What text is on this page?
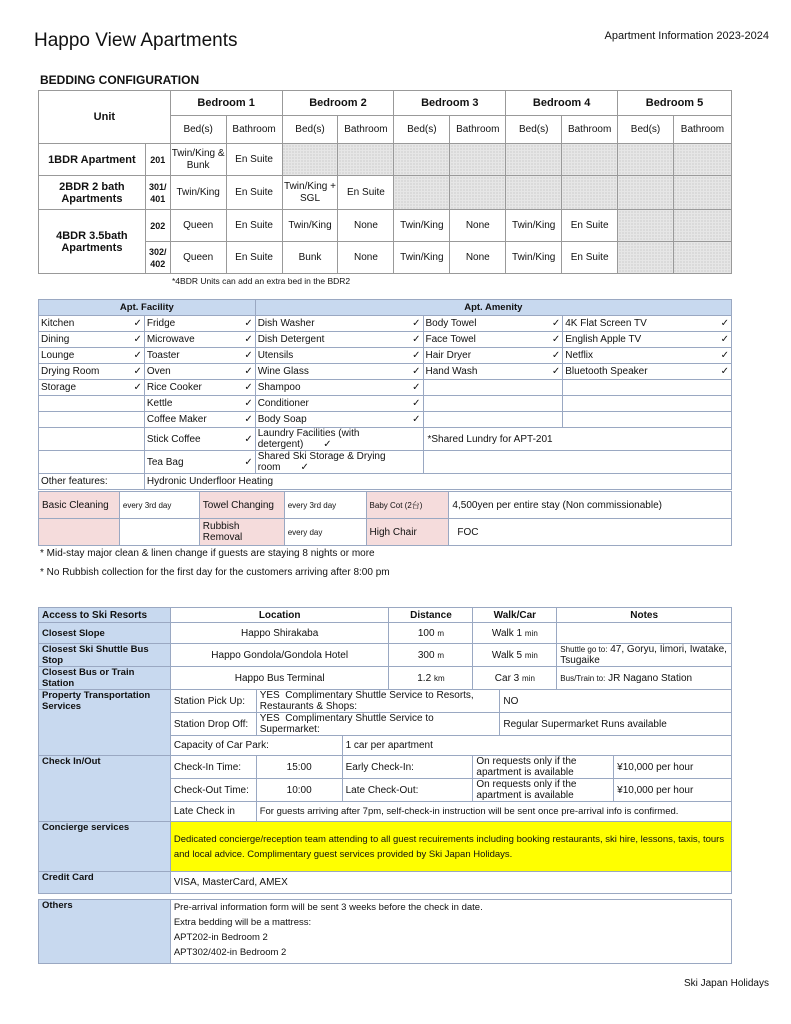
Happo View Apartments	Apartment Information 2023-2024
BEDDING CONFIGURATION
Unit		Bedroom 1		Bedroom 2		Bedroom 3		Bedroom 4		Bedroom 5	
		Bed(s)	Bathroom	Bed(s)	Bathroom	Bed(s)	Bathroom	Bed(s)	Bathroom	Bed(s)	Bathroom
1BDR Apartment	201	Twin/King & Bunk	En Suite								
2BDR 2 bath Apartments	301/ 401	Twin/King	En Suite	Twin/King + SGL	En Suite						
4BDR 3.5bath Apartments	202	Queen	En Suite	Twin/King	None	Twin/King	None	Twin/King	En Suite		
	302/ 402	Queen	En Suite	Bunk	None	Twin/King	None	Twin/King	En Suite		
*4BDR Units can add an extra bed in the BDR2
Apt. Facility		Apt. Amenity		
Kitchen ✓	Fridge ✓	Dish Washer ✓	Body Towel ✓	4K Flat Screen TV ✓

Dining ✓	Microwave ✓	Dish Detergent ✓	Face Towel ✓	English Apple TV ✓

Lounge ✓	Toaster ✓	Utensils ✓	Hair Dryer ✓	Netflix ✓

Drying Room ✓	Oven ✓	Wine Glass ✓	Hand Wash ✓	Bluetooth Speaker ✓

Storage ✓	Rice Cooker ✓	Shampoo ✓		

	Kettle ✓	Conditioner ✓		

	Coffee Maker ✓	Body Soap ✓		

	Stick Coffee ✓	Laundry Facilities (with detergent) ✓	*Shared Lundry for APT-201	
	Tea Bag ✓	Shared Ski Storage & Drying room ✓		
Other features:	Hydronic Underfloor Heating			
Basic Cleaning	every 3rd day	Towel Changing	every 3rd day	Baby Cot (2台)	4,500yen per entire stay (Non commissionable)
		Rubbish Removal	every day	High Chair	FOC
* Mid-stay major clean & linen change if guests are staying 8 nights or more
* No Rubbish collection for the first day for the customers arriving after 8:00 pm
Access to Ski Resorts	Location			Distance	Walk/Car		Notes	
Closest Slope	Happo Shirakaba			100 m	Walk 1 min			
Closest Ski Shuttle Bus Stop	Happo Gondola/Gondola Hotel			300 m	Walk 5 min		Shuttle go to: 47, Goryu, Iimori, Iwatake, Tsugaike	
Closest Bus or Train Station	Happo Bus Terminal			1.2 km	Car 3 min		Bus/Train to: JR Nagano Station	
Property Transportation Services	Station Pick Up:	YES Complimentary Shuttle Service to Resorts, Restaurants & Shops:				NO		
	Station Drop Off:	YES Complimentary Shuttle Service to Supermarket:				Regular Supermarket Runs available		
	Capacity of Car Park:		1 car per apartment					
Check In/Out	Check-In Time:	15:00	Early Check-In:		On requests only if the apartment is available			¥10,000 per hour
	Check-Out Time:	10:00	Late Check-Out:		On requests only if the apartment is available			¥10,000 per hour
	Late Check in	For guests arriving after 7pm, self-check-in instruction will be sent once pre-arrival info is confirmed.						
Concierge services	Dedicated concierge/reception team attending to all guest recuirements including booking restaurants, ski hire, lessons, taxis, tours and local advice. Complimentary guest services provided by Ski Japan Holidays.							
Credit Card	VISA, MasterCard, AMEX							
Others	Pre-arrival information form will be sent 3 weeks before the check in date.
Extra bedding will be a mattress:
APT202-in Bedroom 2
APT302/402-in Bedroom 2
Ski Japan Holidays
